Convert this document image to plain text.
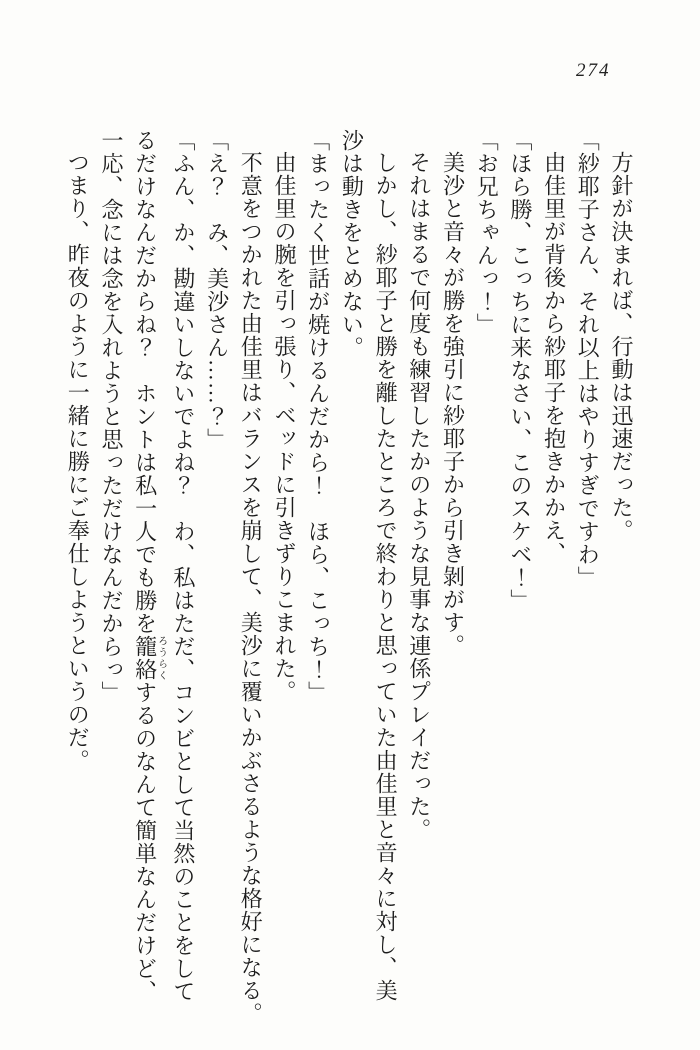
274
方針が決まれば、行動は迅速だった。
「紗耶子さん、それ以上はやりすぎですわ」
由佳里が背後から紗耶子を抱きかかえ、
「ほら勝、こっちに来なさい、このスケベ！」
「お兄ちゃんっ！」
美沙と音々が勝を強引に紗耶子から引き剝がす。
それはまるで何度も練習したかのような見事な連係プレイだった。
しかし、紗耶子と勝を離したところで終わりと思っていた由佳里と音々に対し、美
沙は動きをとめない。
「まったく世話が焼けるんだから！　ほら、こっち！」
由佳里の腕を引っ張り、ベッドに引きずりこまれた。
不意をつかれた由佳里はバランスを崩して、美沙に覆いかぶさるような格好になる。
「え？　み、美沙さん……？」
「ふん、か、勘違いしないでよね？　わ、私はただ、コンビとして当然のことをして
るだけなんだからね？　ホントは私一人でも勝を籠絡ろうらくするのなんて簡単なんだけど、
一応、念には念を入れようと思っただけなんだからっ」
つまり、昨夜のように一緒に勝にご奉仕しようというのだ。
